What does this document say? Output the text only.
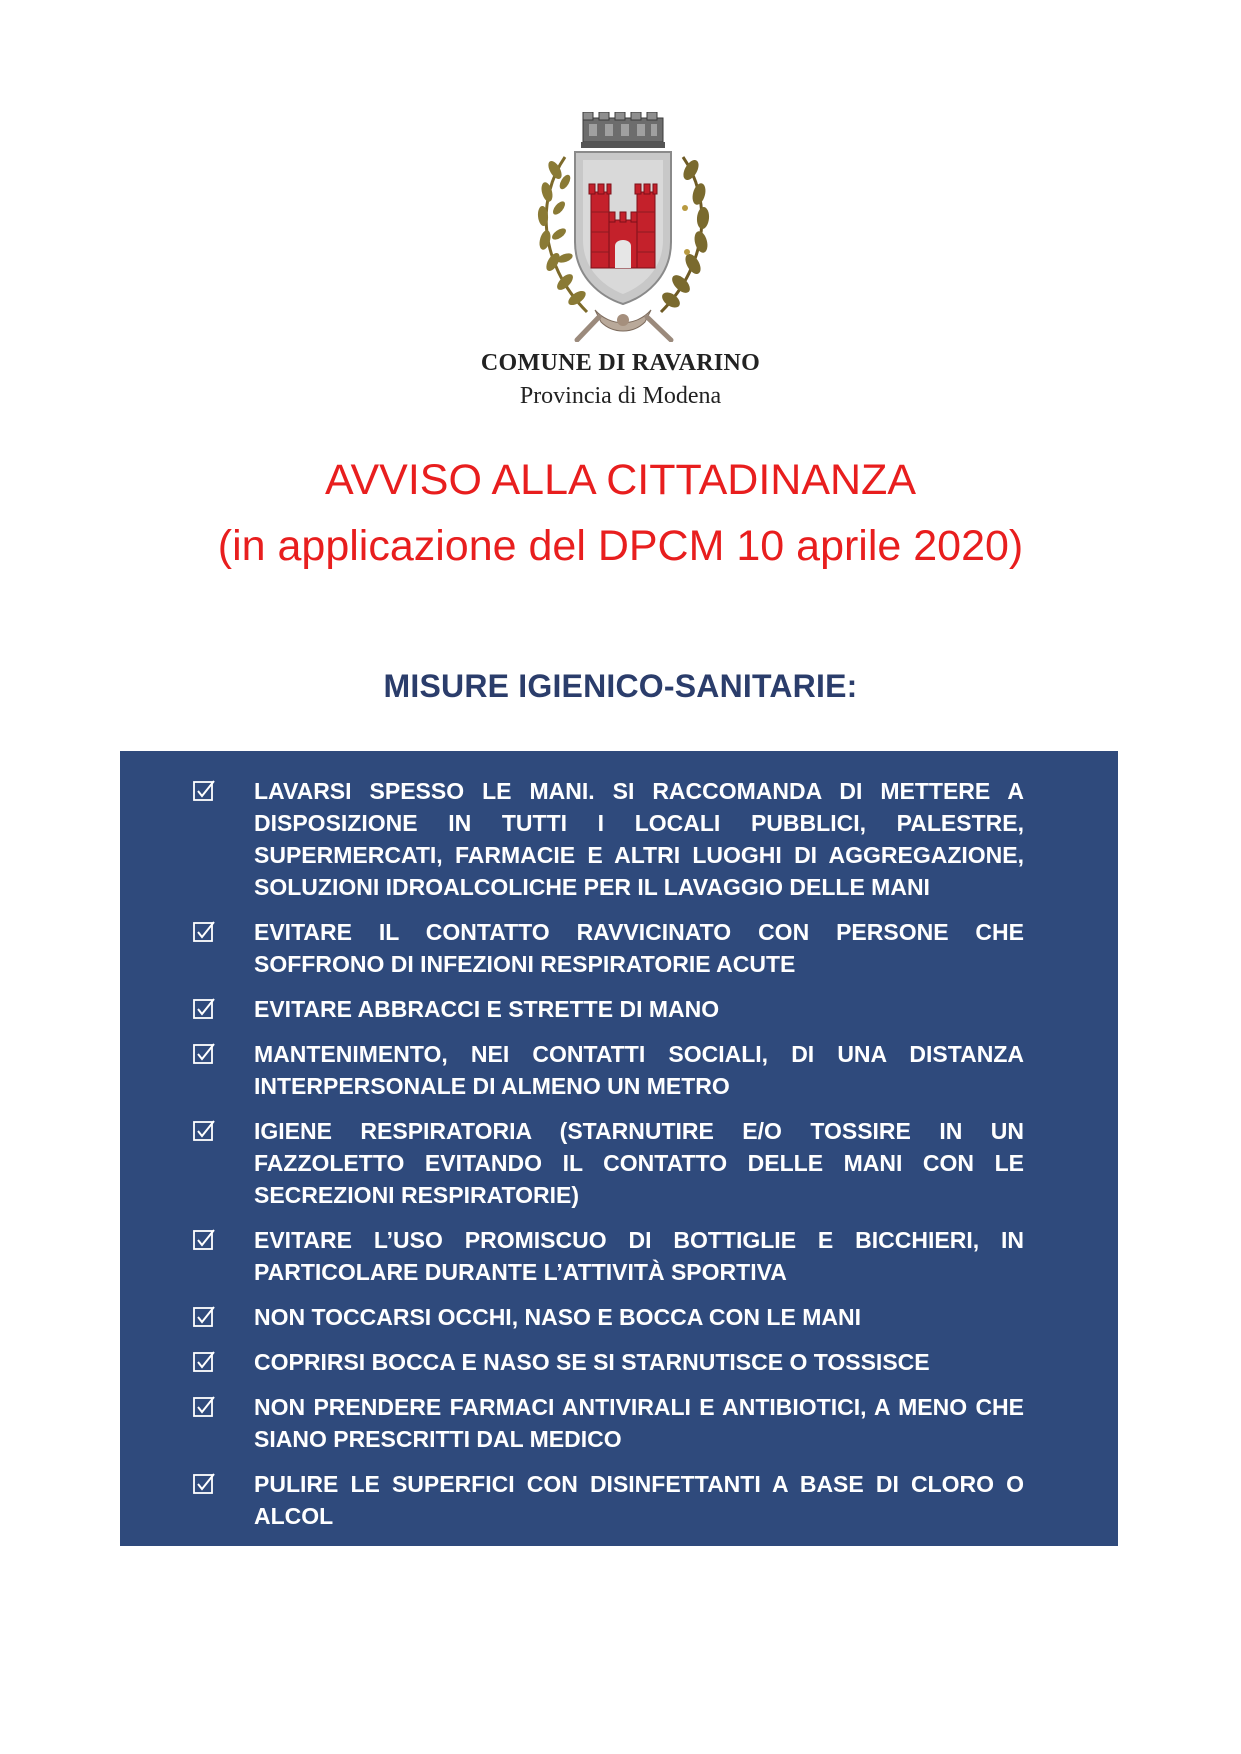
COMUNE DI RAVARINO
Provincia di Modena
AVVISO ALLA CITTADINANZA
(in applicazione del DPCM 10 aprile 2020)
MISURE IGIENICO-SANITARIE:
LAVARSI SPESSO LE MANI. SI RACCOMANDA DI METTERE A DISPOSIZIONE IN TUTTI I LOCALI PUBBLICI, PALESTRE, SUPERMERCATI, FARMACIE E ALTRI LUOGHI DI AGGREGAZIONE, SOLUZIONI IDROALCOLICHE PER IL LAVAGGIO DELLE MANI
EVITARE IL CONTATTO RAVVICINATO CON PERSONE CHE SOFFRONO DI INFEZIONI RESPIRATORIE ACUTE
EVITARE ABBRACCI E STRETTE DI MANO
MANTENIMENTO, NEI CONTATTI SOCIALI, DI UNA DISTANZA INTERPERSONALE DI ALMENO UN METRO
IGIENE RESPIRATORIA (STARNUTIRE E/O TOSSIRE IN UN FAZZOLETTO EVITANDO IL CONTATTO DELLE MANI CON LE SECREZIONI RESPIRATORIE)
EVITARE L’USO PROMISCUO DI BOTTIGLIE E BICCHIERI, IN PARTICOLARE DURANTE L’ATTIVITÀ SPORTIVA
NON TOCCARSI OCCHI, NASO E BOCCA CON LE MANI
COPRIRSI BOCCA E NASO SE SI STARNUTISCE O TOSSISCE
NON PRENDERE FARMACI ANTIVIRALI E ANTIBIOTICI, A MENO CHE SIANO PRESCRITTI DAL MEDICO
PULIRE LE SUPERFICI CON DISINFETTANTI A BASE DI CLORO O ALCOL
